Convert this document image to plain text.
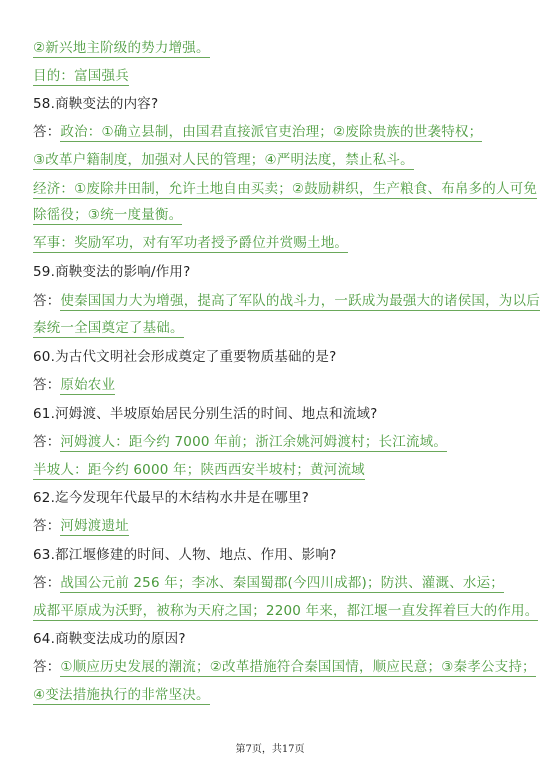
②新兴地主阶级的势力增强。
目的：富国强兵
58.商鞅变法的内容?
答：政治：①确立县制，由国君直接派官吏治理；②废除贵族的世袭特权；
③改革户籍制度，加强对人民的管理；④严明法度，禁止私斗。
经济：①废除井田制，允许土地自由买卖；②鼓励耕织，生产粮食、布帛多的人可免
除徭役；③统一度量衡。
军事：奖励军功，对有军功者授予爵位并赏赐土地。
59.商鞅变法的影响/作用?
答：使秦国国力大为增强，提高了军队的战斗力，一跃成为最强大的诸侯国，为以后
秦统一全国奠定了基础。
60.为古代文明社会形成奠定了重要物质基础的是?
答：原始农业
61.河姆渡、半坡原始居民分别生活的时间、地点和流域?
答：河姆渡人：距今约 7000 年前；浙江余姚河姆渡村；长江流域。
半坡人：距今约 6000 年；陕西西安半坡村；黄河流域
62.迄今发现年代最早的木结构水井是在哪里?
答：河姆渡遗址
63.都江堰修建的时间、人物、地点、作用、影响?
答：战国公元前 256 年；李冰、秦国蜀郡(今四川成都)；防洪、灌溉、水运；
成都平原成为沃野，被称为天府之国；2200 年来，都江堰一直发挥着巨大的作用。
64.商鞅变法成功的原因?
答：①顺应历史发展的潮流；②改革措施符合秦国国情，顺应民意；③秦孝公支持；
④变法措施执行的非常坚决。
第7页，共17页
